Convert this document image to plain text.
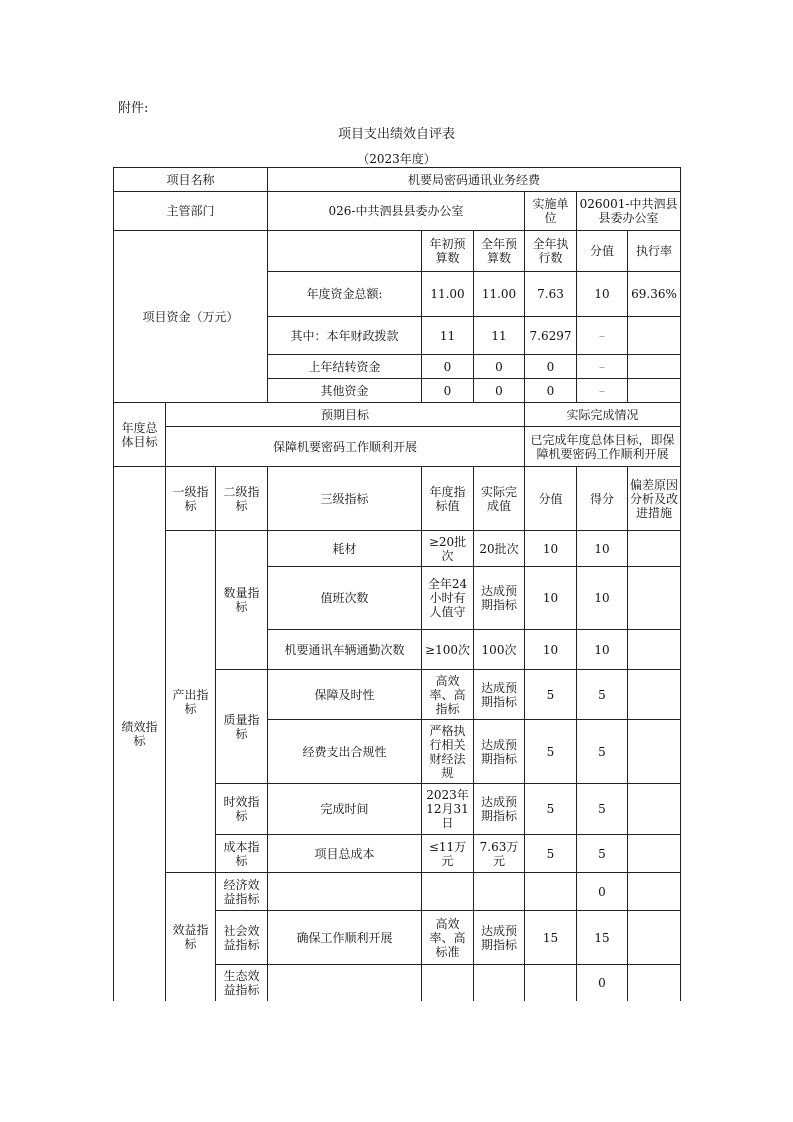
附件:
项目支出绩效自评表
（2023年度）
项目名称			机要局密码通讯业务经费						
主管部门			026-中共泗县县委办公室			实施单位	026001-中共泗县县委办公室		
项目资金（万元）				年初预算数	全年预算数	全年执行数	分值	执行率	
			年度资金总额:	11.00	11.00	7.63	10	69.36%	
			其中：本年财政拨款	11	11	7.6297	–		
			上年结转资金	0	0	0	–		
			其他资金	0	0	0	–		
年度总体目标	预期目标					实际完成情况			
	保障机要密码工作顺利开展					已完成年度总体目标，即保障机要密码工作顺利开展			
绩效指标	一级指标	二级指标	三级指标	年度指标值	实际完成值	分值	得分	偏差原因分析及改进措施	
	产出指标	数量指标	耗材	≥20批次	20批次	10	10		
			值班次数	全年24小时有人值守	达成预期指标	10	10		
			机要通讯车辆通勤次数	≥100次	100次	10	10		
		质量指标	保障及时性	高效率、高指标	达成预期指标	5	5		
			经费支出合规性	严格执行相关财经法规	达成预期指标	5	5		
		时效指标	完成时间	2023年12月31日	达成预期指标	5	5		
		成本指标	项目总成本	≤11万元	7.63万元	5	5		
	效益指标	经济效益指标					0		
		社会效益指标	确保工作顺利开展	高效率、高标准	达成预期指标	15	15		
		生态效益指标					0		
